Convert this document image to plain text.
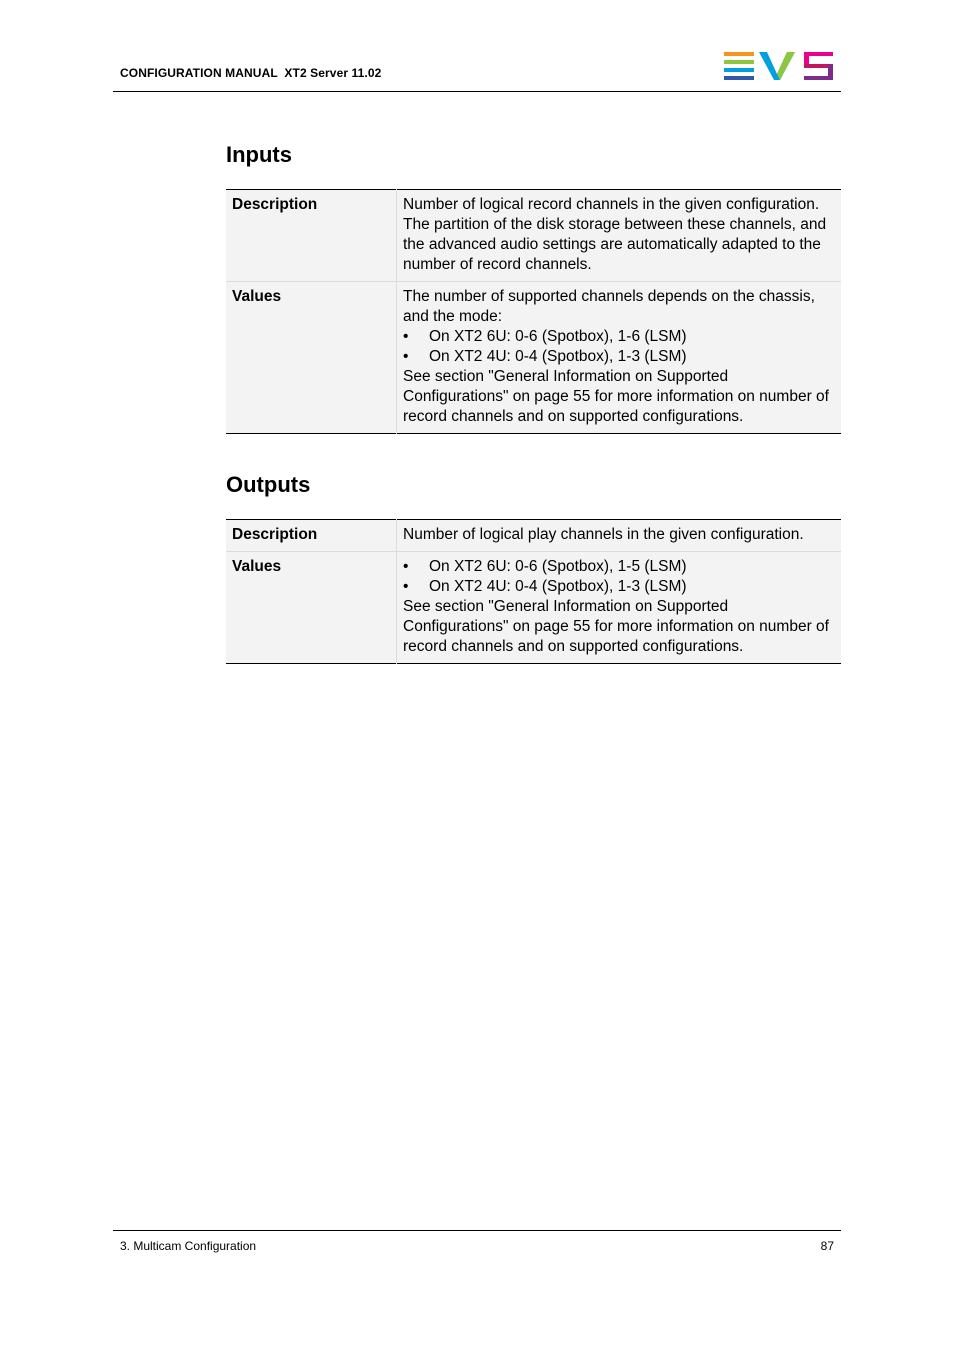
CONFIGURATION MANUAL  XT2 Server 11.02
Inputs
Description	Number of logical record channels in the given configuration. The partition of the disk storage between these channels, and the advanced audio settings are automatically adapted to the number of record channels.
Values	The number of supported channels depends on the chassis, and the mode:
• On XT2 6U: 0-6 (Spotbox), 1-6 (LSM)
• On XT2 4U: 0-4 (Spotbox), 1-3 (LSM)
See section "General Information on Supported Configurations" on page 55 for more information on number of record channels and on supported configurations.
Outputs
Description	Number of logical play channels in the given configuration.
Values	• On XT2 6U: 0-6 (Spotbox), 1-5 (LSM)
• On XT2 4U: 0-4 (Spotbox), 1-3 (LSM)
See section "General Information on Supported Configurations" on page 55 for more information on number of record channels and on supported configurations.
3. Multicam Configuration	87
